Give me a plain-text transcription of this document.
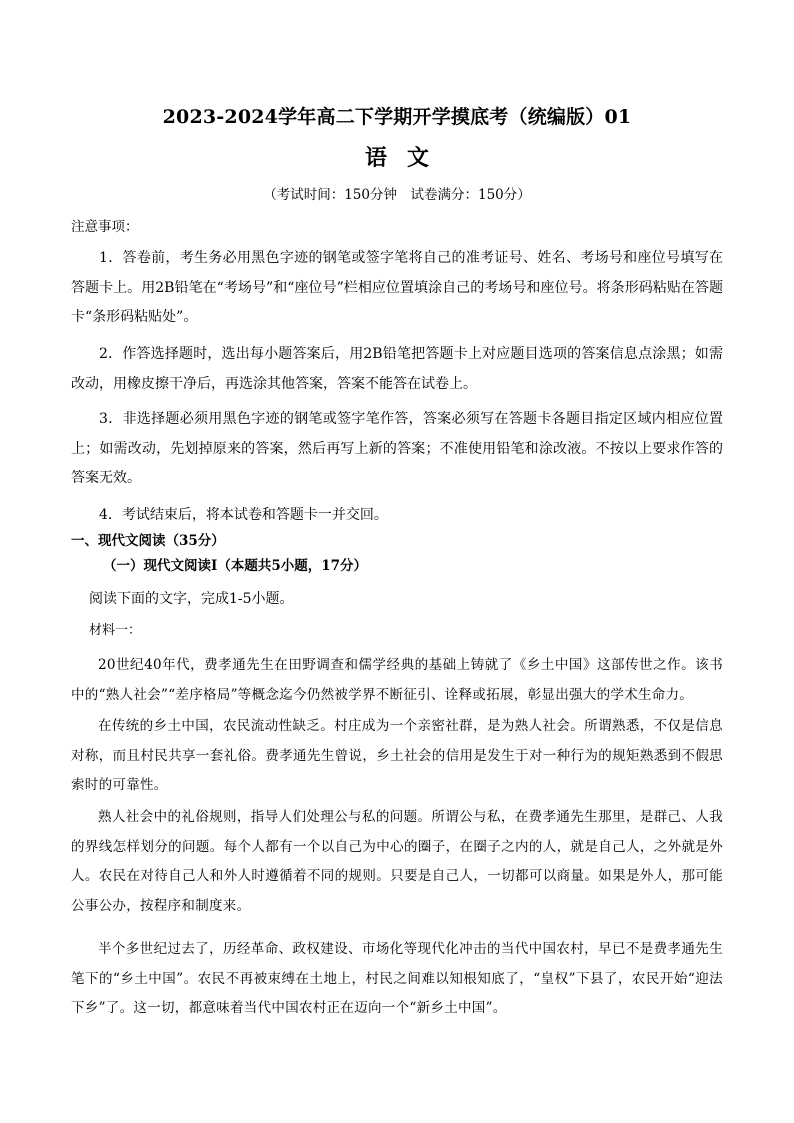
2023-2024学年高二下学期开学摸底考（统编版）01
语文
（考试时间：150分钟　试卷满分：150分）
注意事项：

1．答卷前，考生务必用黑色字迹的钢笔或签字笔将自己的准考证号、姓名、考场号和座位号填写在答题卡上。用2B铅笔在“考场号”和“座位号”栏相应位置填涂自己的考场号和座位号。将条形码粘贴在答题卡“条形码粘贴处”。

2．作答选择题时，选出每小题答案后，用2B铅笔把答题卡上对应题目选项的答案信息点涂黑；如需改动，用橡皮擦干净后，再选涂其他答案，答案不能答在试卷上。

3．非选择题必须用黑色字迹的钢笔或签字笔作答，答案必须写在答题卡各题目指定区域内相应位置上；如需改动，先划掉原来的答案，然后再写上新的答案；不准使用铅笔和涂改液。不按以上要求作答的答案无效。

4．考试结束后，将本试卷和答题卡一并交回。

一、现代文阅读（35分）
（一）现代文阅读Ⅰ（本题共5小题，17分）
阅读下面的文字，完成1-5小题。
材料一：

20世纪40年代，费孝通先生在田野调查和儒学经典的基础上铸就了《乡土中国》这部传世之作。该书中的“熟人社会”“差序格局”等概念迄今仍然被学界不断征引、诠释或拓展，彰显出强大的学术生命力。

在传统的乡土中国，农民流动性缺乏。村庄成为一个亲密社群，是为熟人社会。所谓熟悉，不仅是信息对称，而且村民共享一套礼俗。费孝通先生曾说，乡土社会的信用是发生于对一种行为的规矩熟悉到不假思索时的可靠性。

熟人社会中的礼俗规则，指导人们处理公与私的问题。所谓公与私，在费孝通先生那里，是群己、人我的界线怎样划分的问题。每个人都有一个以自己为中心的圈子，在圈子之内的人，就是自己人，之外就是外人。农民在对待自己人和外人时遵循着不同的规则。只要是自己人，一切都可以商量。如果是外人，那可能公事公办，按程序和制度来。

半个多世纪过去了，历经革命、政权建设、市场化等现代化冲击的当代中国农村，早已不是费孝通先生笔下的“乡土中国”。农民不再被束缚在土地上，村民之间难以知根知底了，“皇权”下县了，农民开始“迎法下乡”了。这一切，都意味着当代中国农村正在迈向一个“新乡土中国”。
